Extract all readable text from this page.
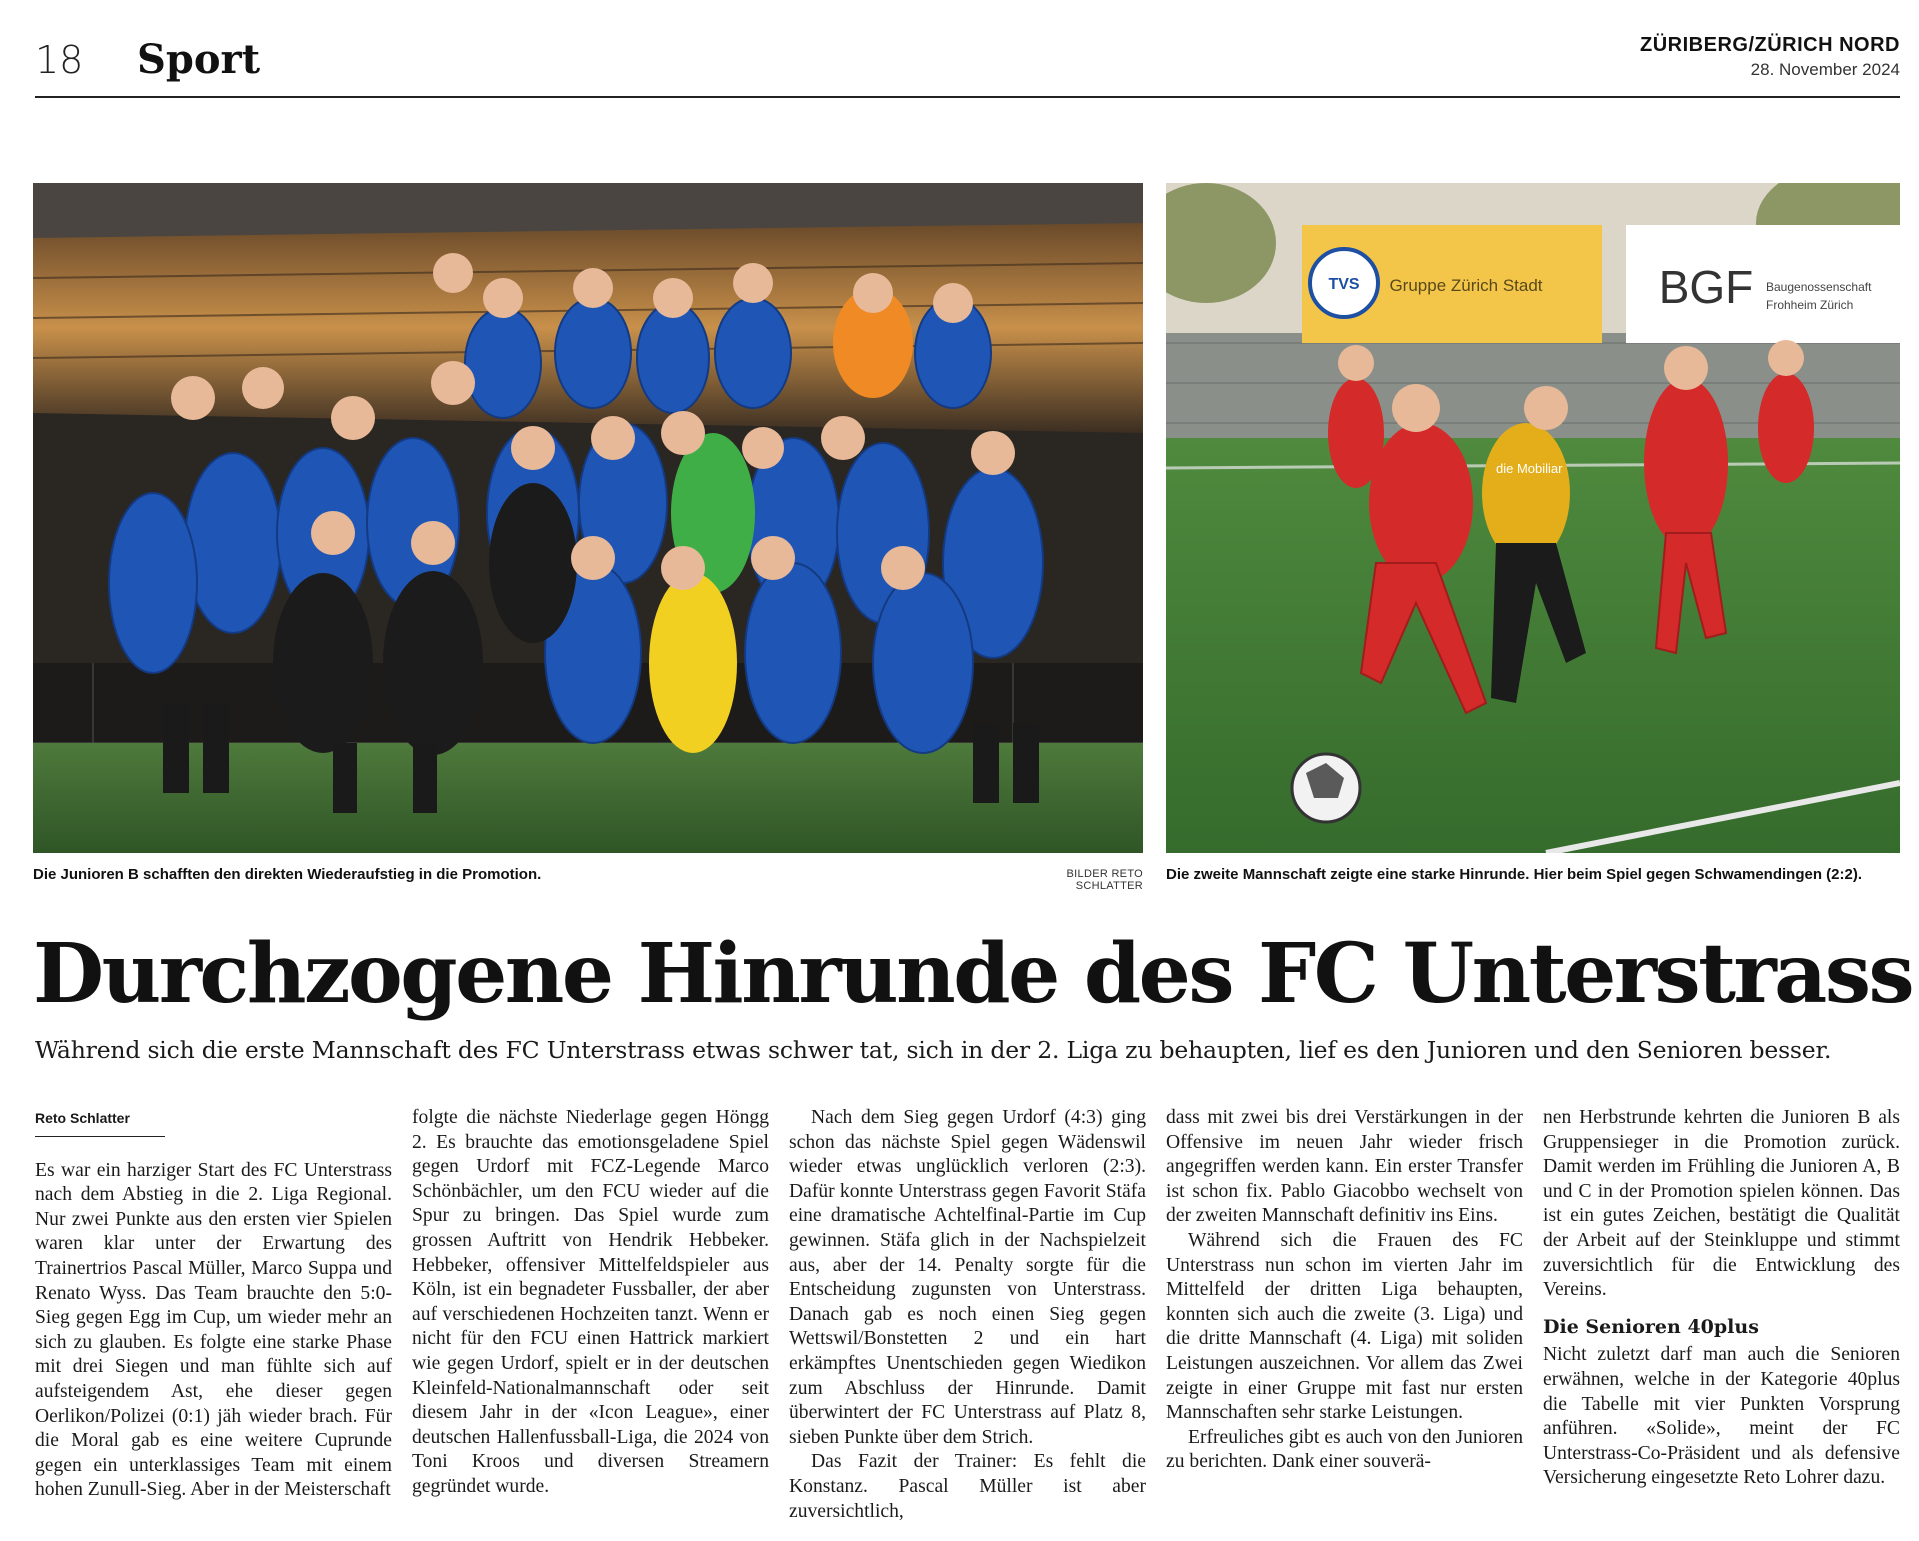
18 Sport	ZÜRIBERG/ZÜRICH NORD
28. November 2024
TVS Gruppe Zürich Stadt	BGF Baugenossenschaft
Frohheim Zürich
die Mobiliar
Die Junioren B schafften den direkten Wiederaufstieg in die Promotion.	BILDER RETO SCHLATTER
Die zweite Mannschaft zeigte eine starke Hinrunde. Hier beim Spiel gegen Schwamendingen (2:2).
Durchzogene Hinrunde des FC Unterstrass

Während sich die erste Mannschaft des FC Unterstrass etwas schwer tat, sich in der 2. Liga zu behaupten, lief es den Junioren und den Senioren besser.

Reto Schlatter

Es war ein harziger Start des FC Unterstrass nach dem Abstieg in die 2. Liga Regional. Nur zwei Punkte aus den ersten vier Spielen waren klar unter der Erwartung des Trainertrios Pascal Müller, Marco Suppa und Renato Wyss. Das Team brauchte den 5:0-Sieg gegen Egg im Cup, um wieder mehr an sich zu glauben. Es folgte eine starke Phase mit drei Siegen und man fühlte sich auf aufsteigendem Ast, ehe dieser gegen Oerlikon/Polizei (0:1) jäh wieder brach. Für die Moral gab es eine weitere Cuprunde gegen ein unterklassiges Team mit einem hohen Zunull-Sieg. Aber in der Meisterschaft

folgte die nächste Niederlage gegen Höngg 2. Es brauchte das emotionsgeladene Spiel gegen Urdorf mit FCZ-Legende Marco Schönbächler, um den FCU wieder auf die Spur zu bringen. Das Spiel wurde zum grossen Auftritt von Hendrik Hebbeker. Hebbeker, offensiver Mittelfeldspieler aus Köln, ist ein begnadeter Fussballer, der aber auf verschiedenen Hochzeiten tanzt. Wenn er nicht für den FCU einen Hattrick markiert wie gegen Urdorf, spielt er in der deutschen Kleinfeld-Nationalmannschaft oder seit diesem Jahr in der «Icon League», einer deutschen Hallenfussball-Liga, die 2024 von Toni Kroos und diversen Streamern gegründet wurde.

Nach dem Sieg gegen Urdorf (4:3) ging schon das nächste Spiel gegen Wädenswil wieder etwas unglücklich verloren (2:3). Dafür konnte Unterstrass gegen Favorit Stäfa eine dramatische Achtelfinal-Partie im Cup gewinnen. Stäfa glich in der Nachspielzeit aus, aber der 14. Penalty sorgte für die Entscheidung zugunsten von Unterstrass. Danach gab es noch einen Sieg gegen Wettswil/Bonstetten 2 und ein hart erkämpftes Unentschieden gegen Wiedikon zum Abschluss der Hinrunde. Damit überwintert der FC Unterstrass auf Platz 8, sieben Punkte über dem Strich.

Das Fazit der Trainer: Es fehlt die Konstanz. Pascal Müller ist aber zuversichtlich,

dass mit zwei bis drei Verstärkungen in der Offensive im neuen Jahr wieder frisch angegriffen werden kann. Ein erster Transfer ist schon fix. Pablo Giacobbo wechselt von der zweiten Mannschaft definitiv ins Eins.

Während sich die Frauen des FC Unterstrass nun schon im vierten Jahr im Mittelfeld der dritten Liga behaupten, konnten sich auch die zweite (3. Liga) und die dritte Mannschaft (4. Liga) mit soliden Leistungen auszeichnen. Vor allem das Zwei zeigte in einer Gruppe mit fast nur ersten Mannschaften sehr starke Leistungen.

Erfreuliches gibt es auch von den Junioren zu berichten. Dank einer souverä-

nen Herbstrunde kehrten die Junioren B als Gruppensieger in die Promotion zurück. Damit werden im Frühling die Junioren A, B und C in der Promotion spielen können. Das ist ein gutes Zeichen, bestätigt die Qualität der Arbeit auf der Steinkluppe und stimmt zuversichtlich für die Entwicklung des Vereins.

Die Senioren 40plus

Nicht zuletzt darf man auch die Senioren erwähnen, welche in der Kategorie 40plus die Tabelle mit vier Punkten Vorsprung anführen. «Solide», meint der FC Unterstrass-Co-Präsident und als defensive Versicherung eingesetzte Reto Lohrer dazu.
